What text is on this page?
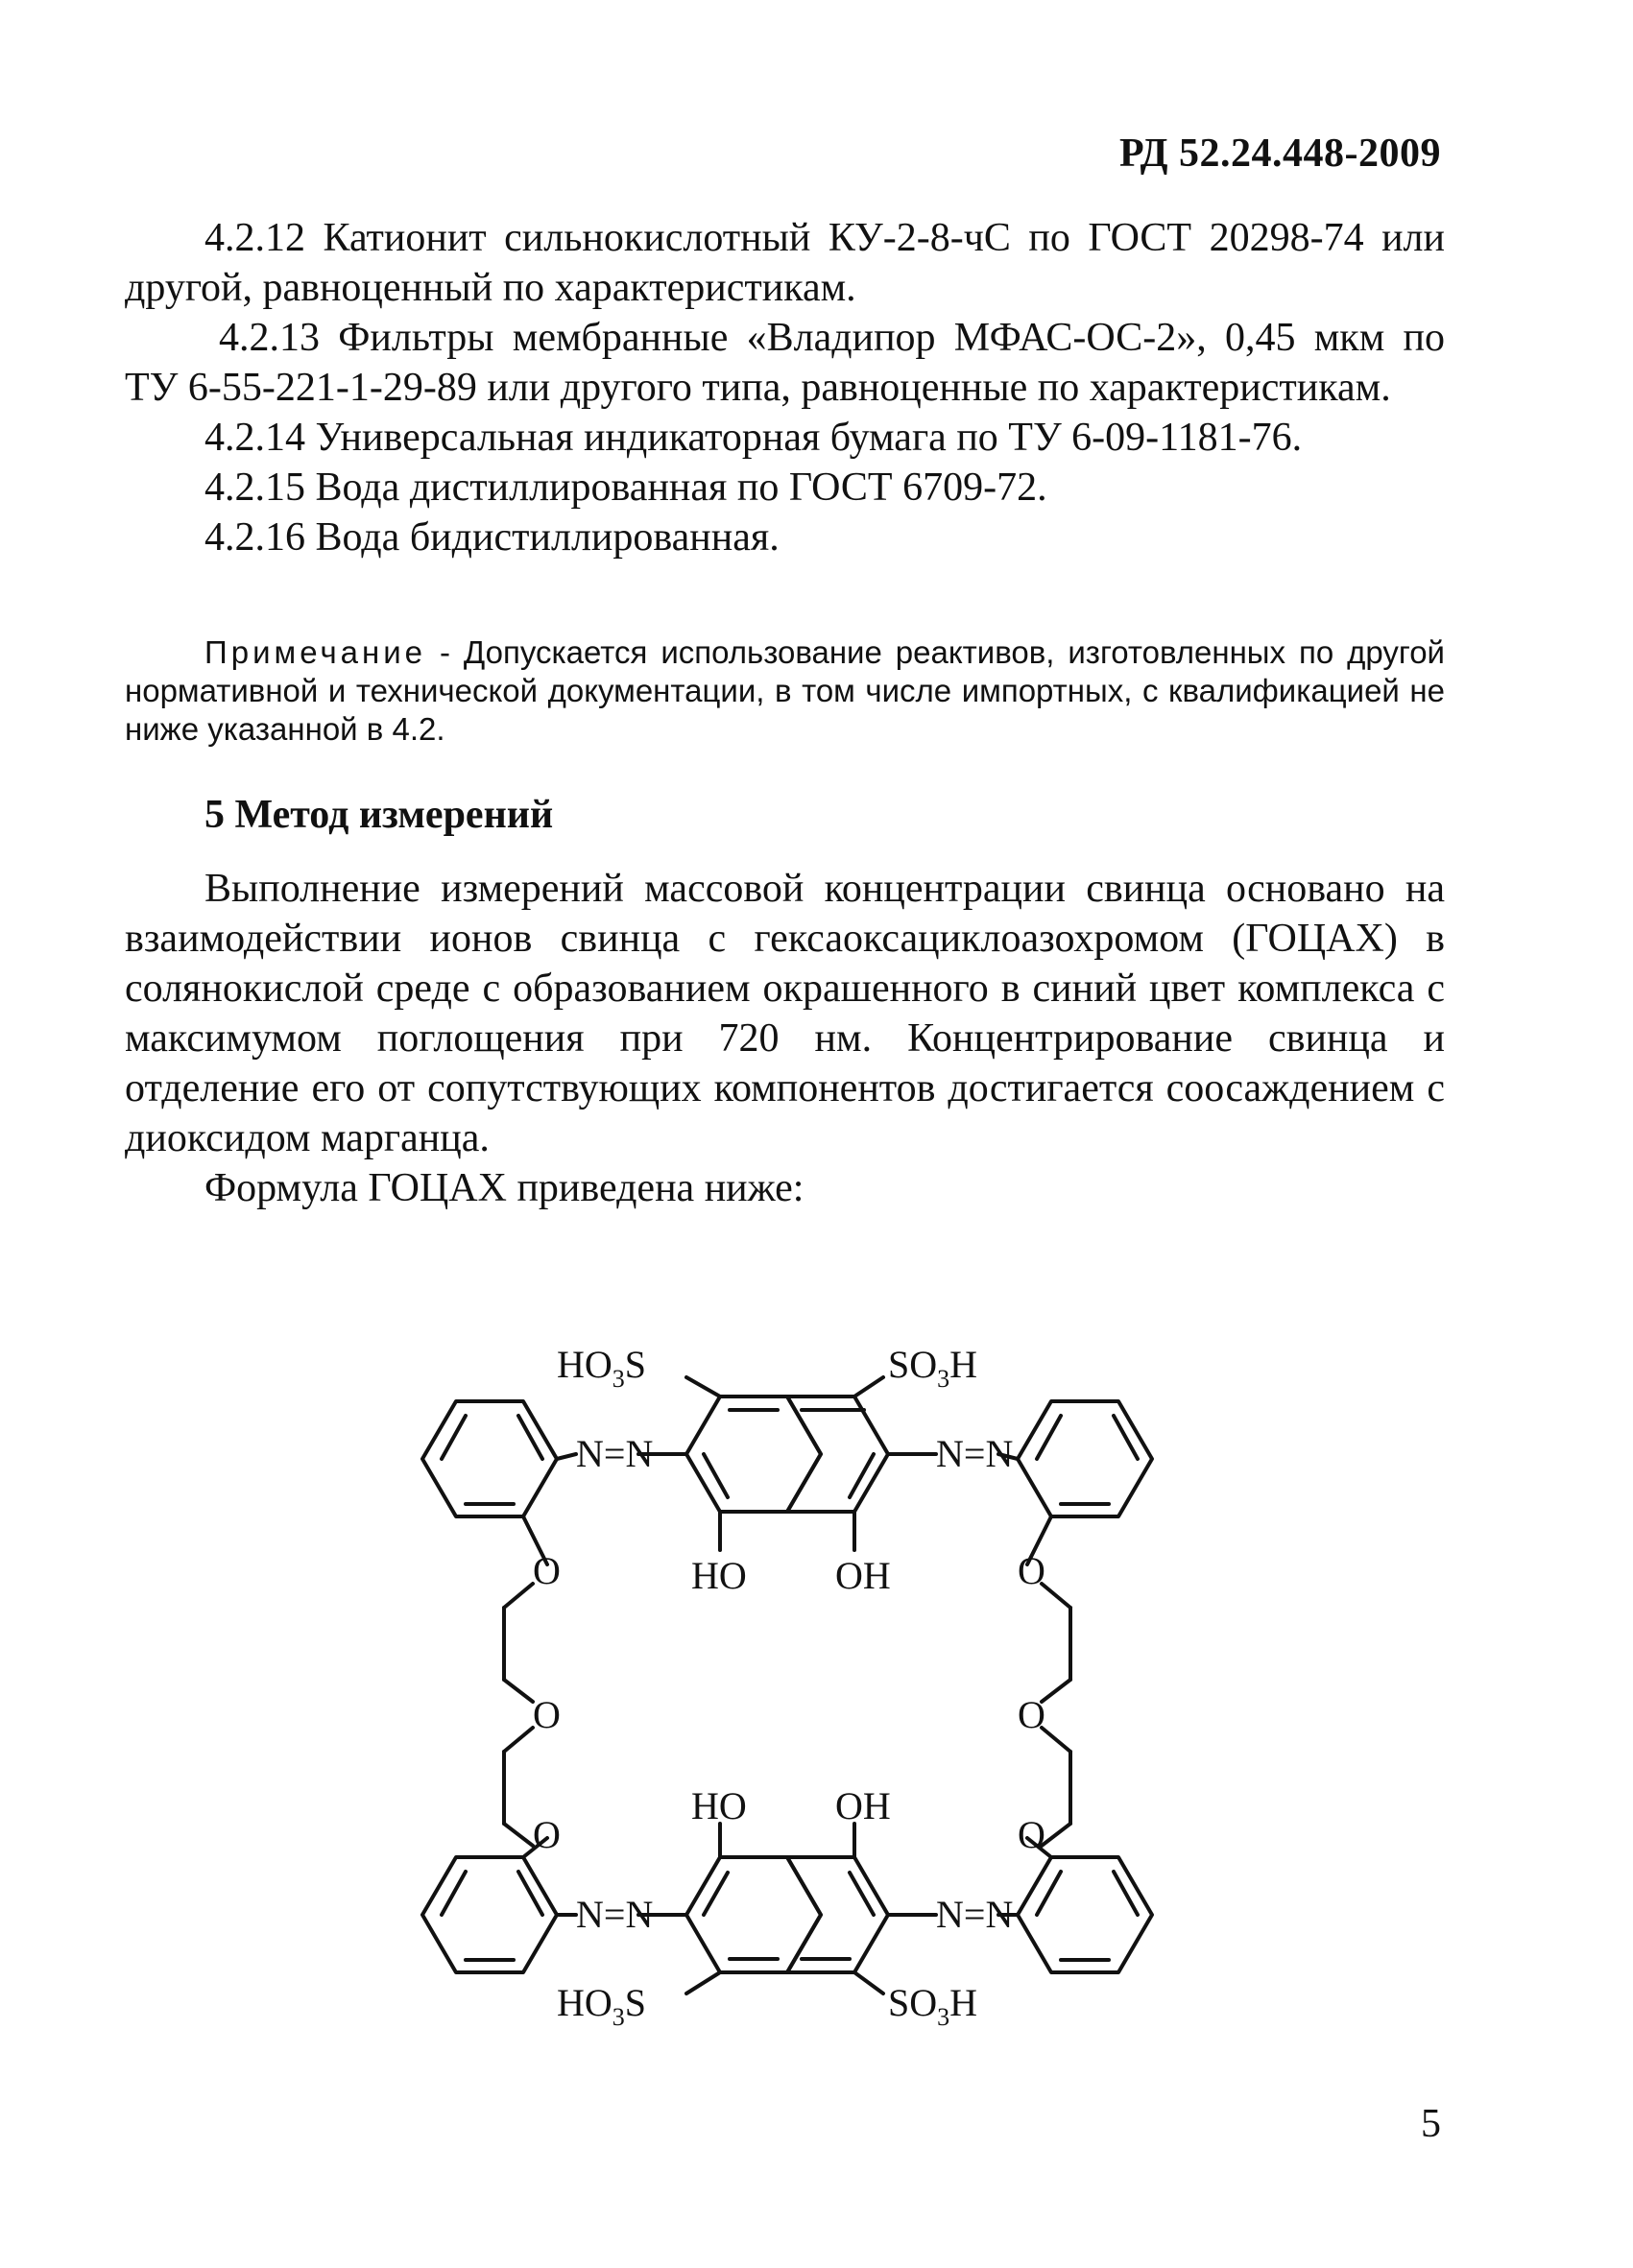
РД 52.24.448-2009

4.2.12 Катионит сильнокислотный КУ-2-8-чС по ГОСТ 20298-74 или другой, равноценный по характеристикам.

4.2.13 Фильтры мембранные «Владипор МФАС-ОС-2», 0,45 мкм по ТУ 6-55-221-1-29-89 или другого типа, равноценные по характеристикам.

4.2.14 Универсальная индикаторная бумага по ТУ 6-09-1181-76.

4.2.15 Вода дистиллированная по ГОСТ 6709-72.

4.2.16 Вода бидистиллированная.

Примечание - Допускается использование реактивов, изготовленных по другой нормативной и технической документации, в том числе импортных, с квалификацией не ниже указанной в 4.2.
5 Метод измерений

Выполнение измерений массовой концентрации свинца основано на взаимодействии ионов свинца с гексаоксациклоазохромом (ГОЦАХ) в солянокислой среде с образованием окрашенного в синий цвет комплекса с максимумом поглощения при 720 нм. Концентрирование свинца и отделение его от сопутствующих компонентов достигается соосаждением с диоксидом марганца.

Формула ГОЦАХ приведена ниже:

$HO_3S$	$SO_3H$
N=N	N=N
HO OH
O
O
O
O
O
O
HO OH
N=N	N=N
$HO_3S$	$SO_3H$
5
